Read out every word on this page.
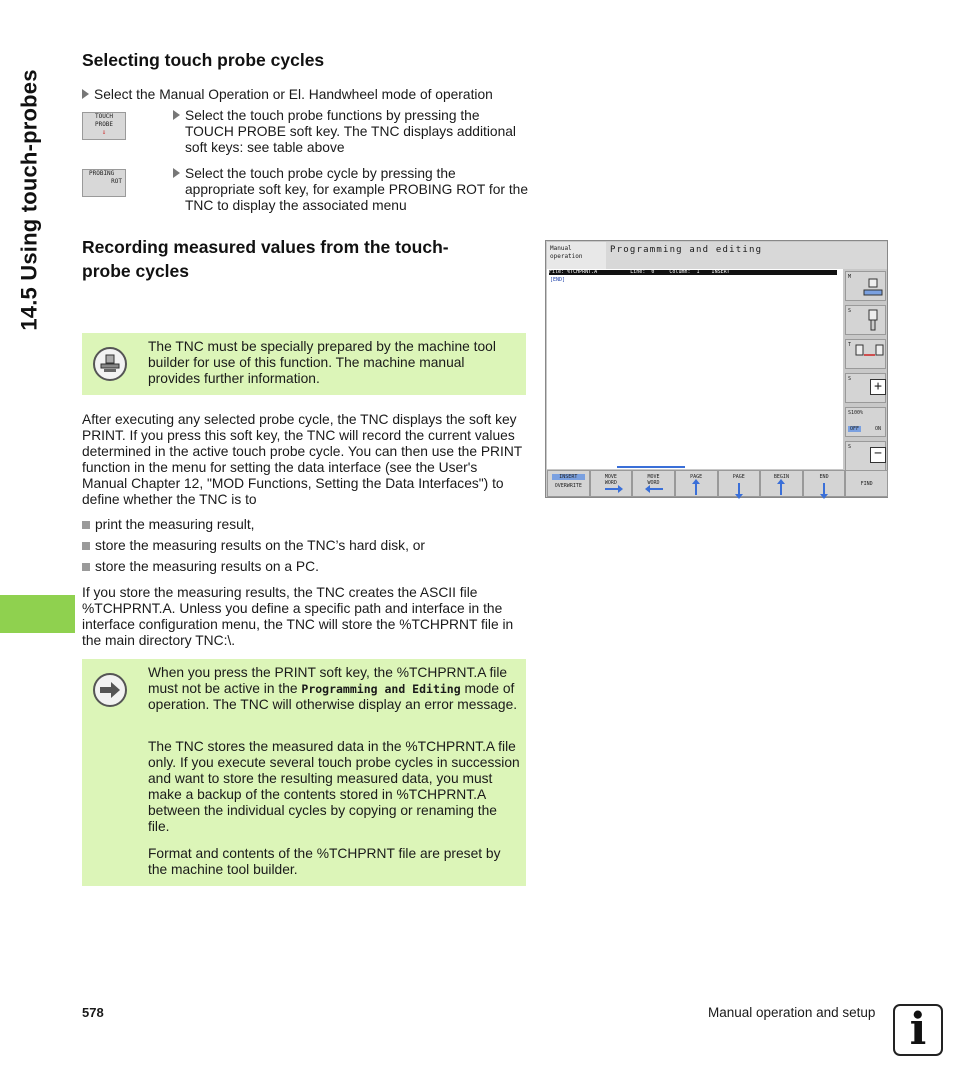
14.5 Using touch-probes
Selecting touch probe cycles
Select the Manual Operation or El. Handwheel mode of operation
TOUCH
PROBE
⇓
Select the touch probe functions by pressing the TOUCH PROBE soft key. The TNC displays additional soft keys: see table above
PROBING
ROT
Select the touch probe cycle by pressing the appropriate soft key, for example PROBING ROT for the TNC to display the associated menu
Recording measured values from the touch-
probe cycles
The TNC must be specially prepared by the machine tool builder for use of this function. The machine manual provides further information.
After executing any selected probe cycle, the TNC displays the soft key PRINT. If you press this soft key, the TNC will record the current values determined in the active touch probe cycle. You can then use the PRINT function in the menu for setting the data interface (see the User's Manual Chapter 12, "MOD Functions, Setting the Data Interfaces") to define whether the TNC is to
print the measuring result,
store the measuring results on the TNC’s hard disk, or
store the measuring results on a PC.
If you store the measuring results, the TNC creates the ASCII file %TCHPRNT.A. Unless you define a specific path and interface in the interface configuration menu, the TNC will store the %TCHPRNT file in the main directory TNC:\.
When you press the PRINT soft key, the %TCHPRNT.A file must not be active in the Programming and Editing mode of operation. The TNC will otherwise display an error message.
The TNC stores the measured data in the %TCHPRNT.A file only. If you execute several touch probe cycles in succession and want to store the resulting measured data, you must make a backup of the contents stored in %TCHPRNT.A between the individual cycles by copying or renaming the file.
Format and contents of the %TCHPRNT file are preset by the machine tool builder.
Manual
operation
Programming and editing
File: %TCHPRNT.A           Line:  0     Column:  1    INSERT
[END]	M
S
T
S	+
S100%
OFF	ON
S	−
INSERT
OVERWRITE
MOVE
WORD
MOVE
WORD
PAGE	PAGE	BEGIN	END
FIND
578	Manual operation and setup i
